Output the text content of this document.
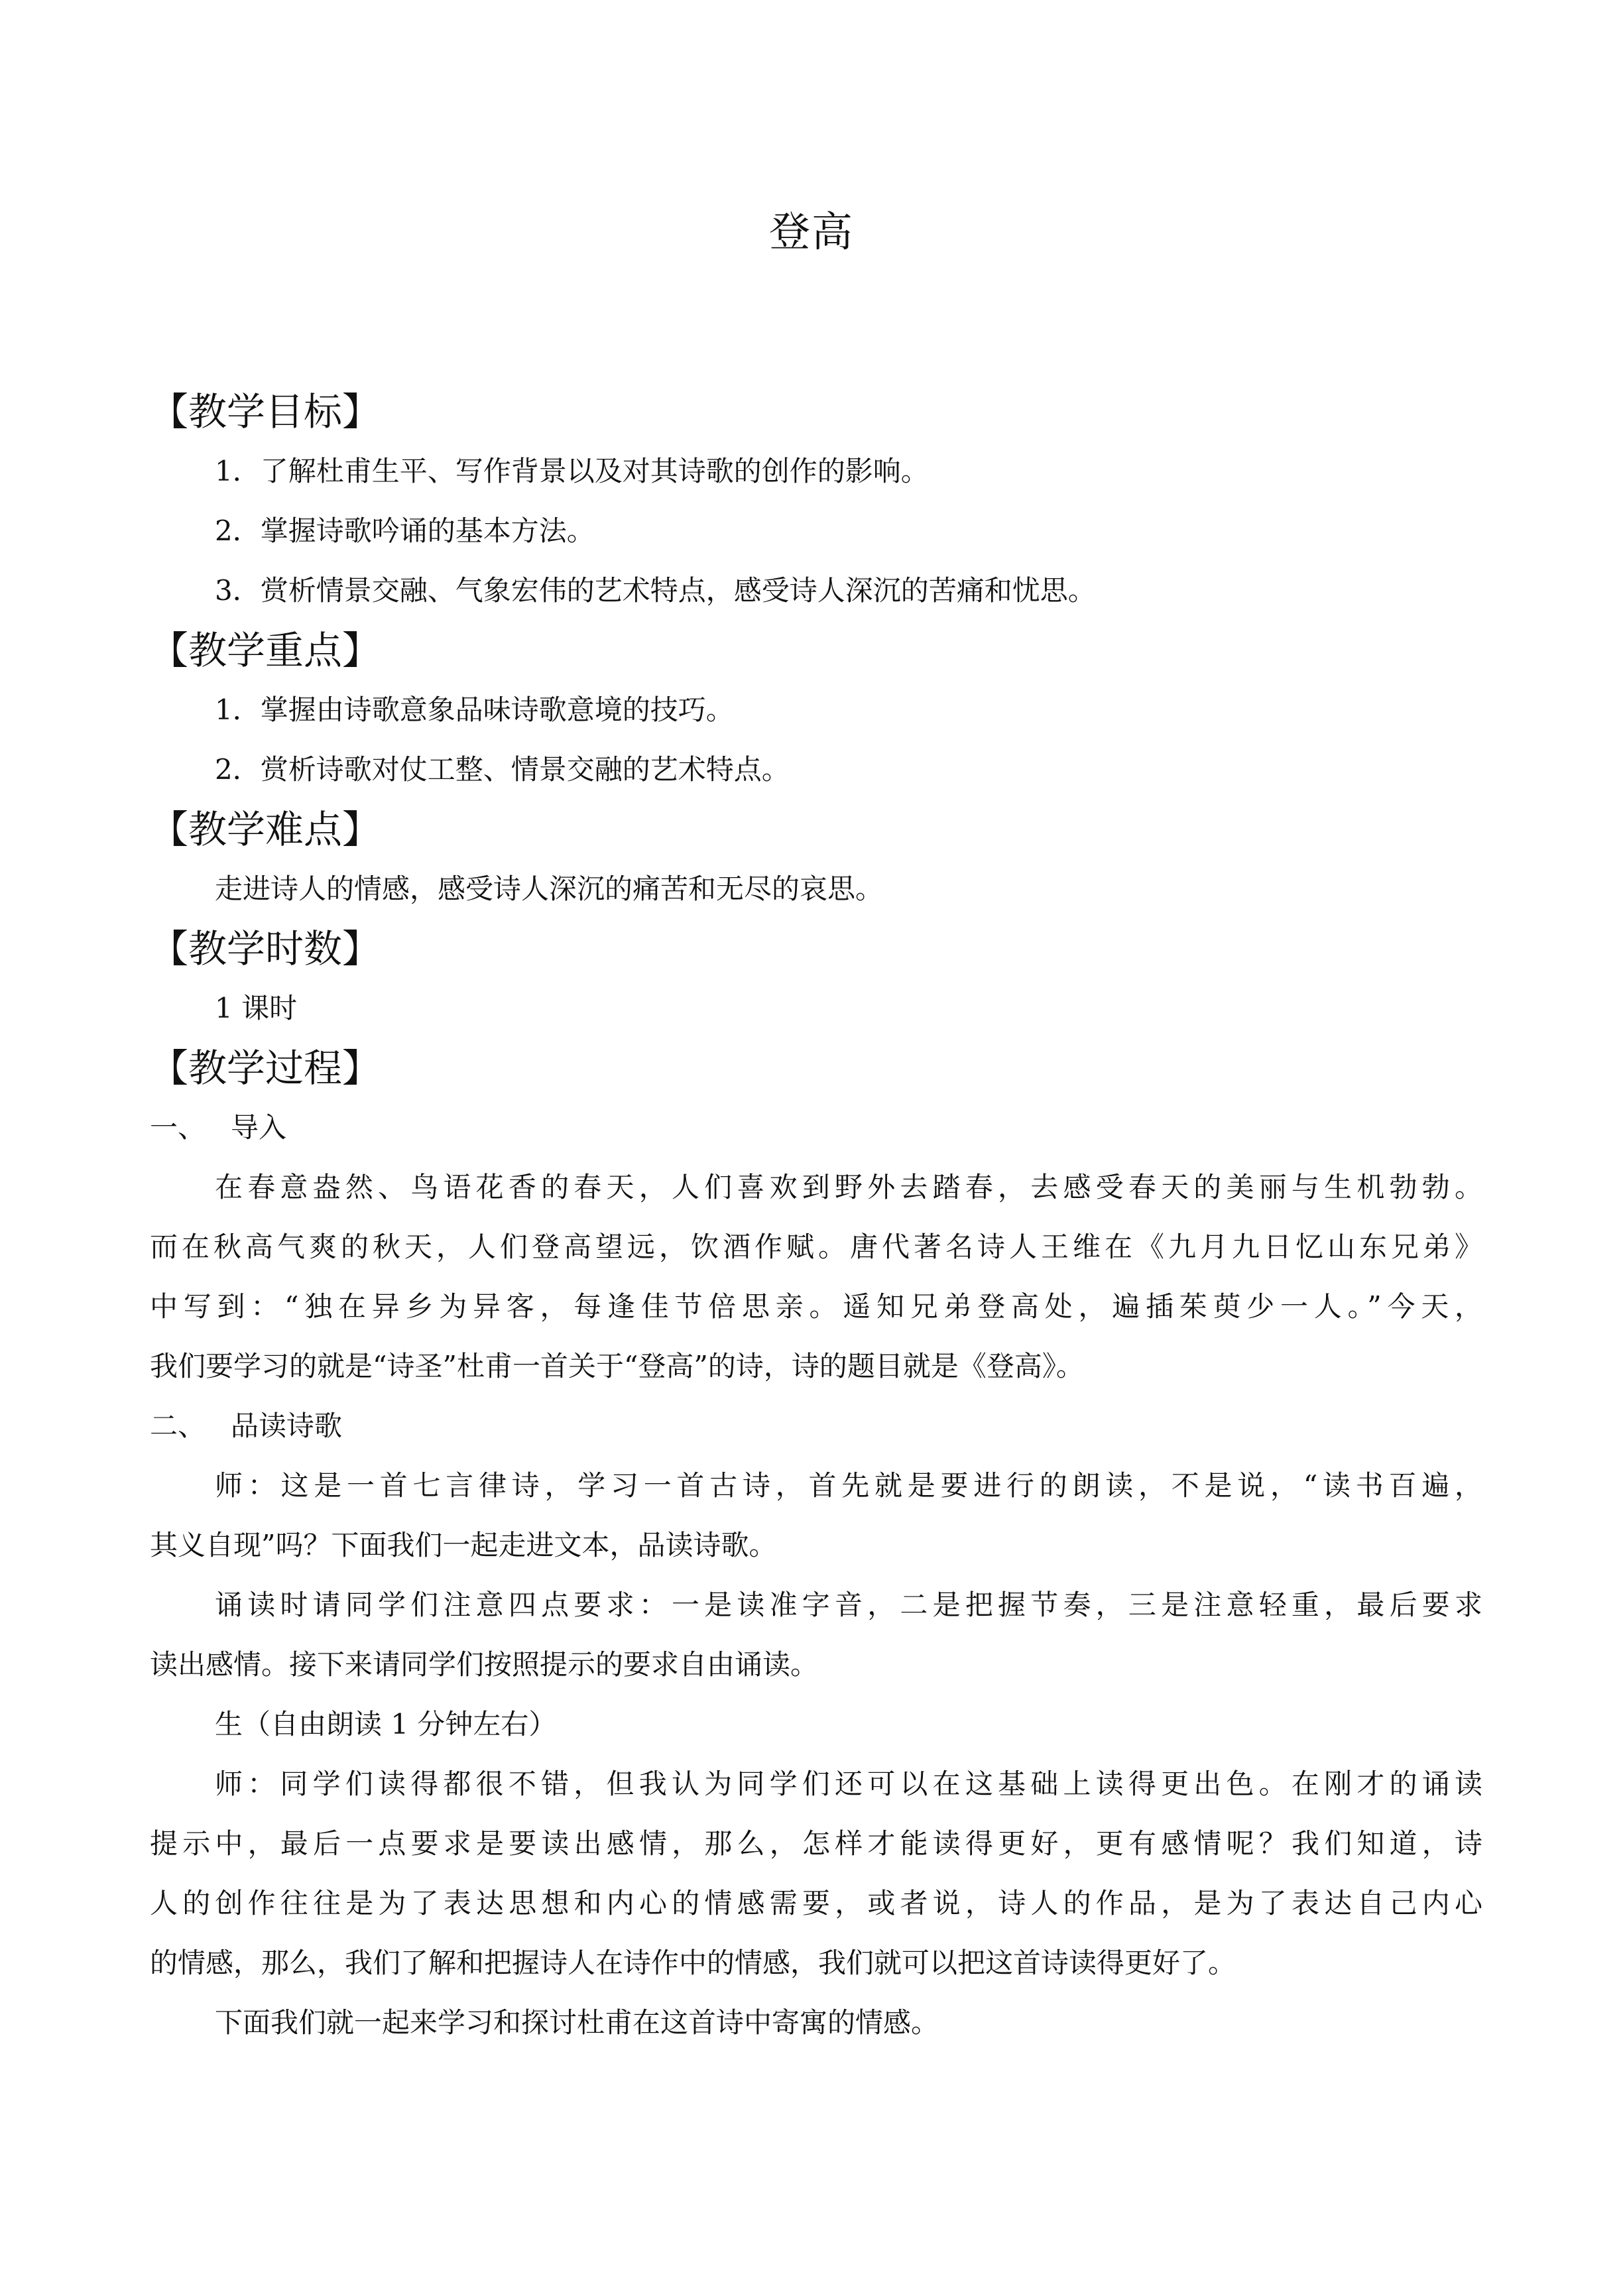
登高
【教学目标】
1．了解杜甫生平、写作背景以及对其诗歌的创作的影响。
2．掌握诗歌吟诵的基本方法。
3．赏析情景交融、气象宏伟的艺术特点，感受诗人深沉的苦痛和忧思。
【教学重点】
1．掌握由诗歌意象品味诗歌意境的技巧。
2．赏析诗歌对仗工整、情景交融的艺术特点。
【教学难点】
走进诗人的情感，感受诗人深沉的痛苦和无尽的哀思。
【教学时数】
1 课时
【教学过程】
一、 导入
在春意盎然、鸟语花香的春天，人们喜欢到野外去踏春，去感受春天的美丽与生机勃勃。
而在秋高气爽的秋天，人们登高望远，饮酒作赋。唐代著名诗人王维在《九月九日忆山东兄弟》
中写到：“独在异乡为异客，每逢佳节倍思亲。遥知兄弟登高处，遍插茱萸少一人。”今天，
我们要学习的就是“诗圣”杜甫一首关于“登高”的诗，诗的题目就是《登高》。
二、 品读诗歌
师：这是一首七言律诗，学习一首古诗，首先就是要进行的朗读，不是说，“读书百遍，
其义自现”吗？下面我们一起走进文本，品读诗歌。
诵读时请同学们注意四点要求：一是读准字音，二是把握节奏，三是注意轻重，最后要求
读出感情。接下来请同学们按照提示的要求自由诵读。
生（自由朗读 1 分钟左右）
师：同学们读得都很不错，但我认为同学们还可以在这基础上读得更出色。在刚才的诵读
提示中，最后一点要求是要读出感情，那么，怎样才能读得更好，更有感情呢？我们知道，诗
人的创作往往是为了表达思想和内心的情感需要，或者说，诗人的作品，是为了表达自己内心
的情感，那么，我们了解和把握诗人在诗作中的情感，我们就可以把这首诗读得更好了。
下面我们就一起来学习和探讨杜甫在这首诗中寄寓的情感。
